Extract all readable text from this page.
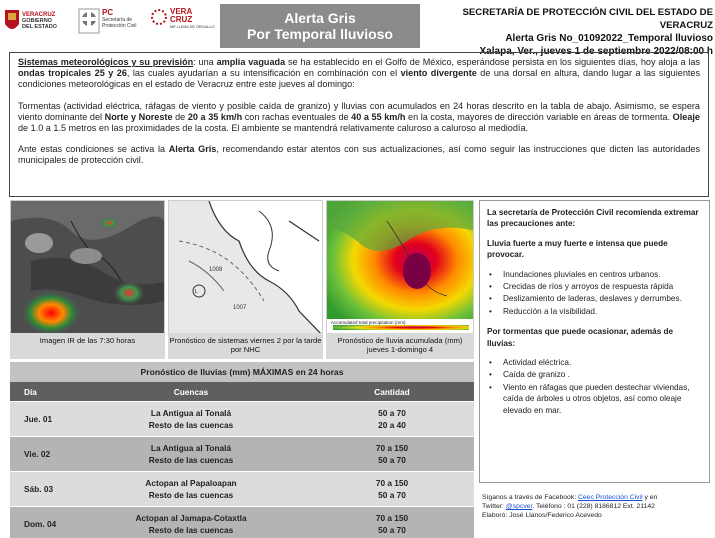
VERACRUZ
GOBIERNO
DEL ESTADO
PC
Secretaría de
Protección Civil
VERA
CRUZ
ME LLENA DE ORGULLO
Alerta Gris
Por Temporal lluvioso
SECRETARÍA DE PROTECCIÓN CIVIL DEL ESTADO DE VERACRUZ
Alerta Gris No_01092022_Temporal lluvioso
Xalapa, Ver., jueves 1 de septiembre 2022/08:00 h

Sistemas meteorológicos y su previsión: una amplia vaguada se ha establecido en el Golfo de México, esperándose persista en los siguientes días, hoy aloja a las ondas tropicales 25 y 26, las cuales ayudarían a su intensificación en combinación con el viento divergente de una dorsal en altura, dando lugar a las siguientes condiciones meteorológicas en el estado de Veracruz entre este jueves al domingo:

Tormentas (actividad eléctrica, ráfagas de viento y posible caída de granizo) y lluvias con acumulados en 24 horas descrito en la tabla de abajo. Asimismo, se espera viento dominante del Norte y Noreste de 20 a 35 km/h con rachas eventuales de 40 a 55 km/h en la costa, mayores de dirección variable en áreas de tormenta. Oleaje de 1.0 a 1.5 metros en las proximidades de la costa. El ambiente se mantendrá relativamente caluroso a caluroso al mediodía.

Ante estas condiciones se activa la Alerta Gris, recomendando estar atentos con sus actualizaciones, así como seguir las instrucciones que dicten las autoridades municipales de protección civil.

Imagen IR de las 7:30 horas
1008
1007
L
Pronóstico de sistemas viernes 2 por la tarde por NHC
Accumulated total precipitation (mm)
Pronóstico de lluvia acumulada (mm) jueves 1-domingo 4
Pronóstico de lluvias (mm) MÁXIMAS en 24 horas
Día	Cuencas	Cantidad
Jue. 01
La Antigua al Tonalá
Resto de las cuencas
50 a 70
20 a 40
Vie. 02
La Antigua al Tonalá
Resto de las cuencas
70 a 150
50 a 70
Sáb. 03
Actopan al Papaloapan
Resto de las cuencas
70 a 150
50 a 70
Dom. 04
Actopan al Jamapa-Cotaxtla
Resto de las cuencas
70 a 150
50 a 70
La secretaría de Protección Civil recomienda extremar las precauciones ante:
Lluvia fuerte a muy fuerte e intensa que puede provocar.
• Inundaciones pluviales en centros urbanos.
• Crecidas de ríos y arroyos de respuesta rápida
• Deslizamiento de laderas, deslaves y derrumbes.
• Reducción a la visibilidad.
Por tormentas que puede ocasionar, además de lluvias:
• Actividad eléctrica.
• Caída de granizo .
• Viento en ráfagas que pueden destechar viviendas, caída de árboles u otros objetos, así como oleaje elevado en mar.
Síganos a través de Facebook: Ceec Protección Civil y en
Twitter: @spcver. Teléfono : 01 (228) 8186812 Ext. 21142
Elaboró: José Llanos/Federico Acevedo
